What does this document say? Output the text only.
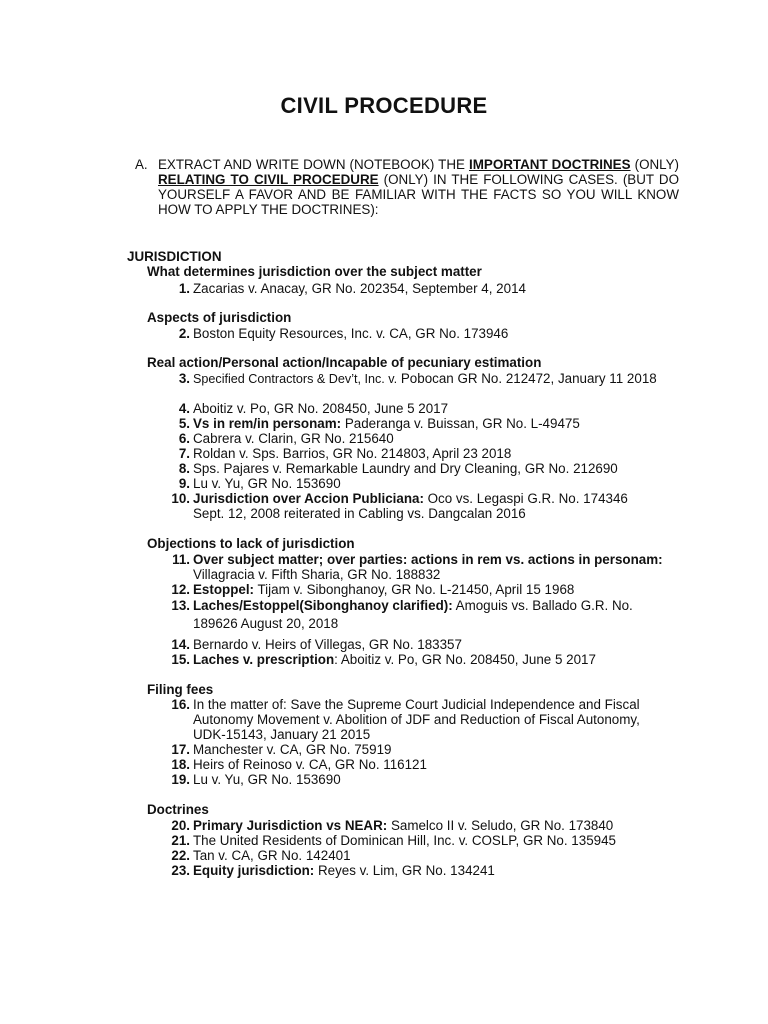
CIVIL PROCEDURE
A. EXTRACT AND WRITE DOWN (NOTEBOOK) THE IMPORTANT DOCTRINES (ONLY) RELATING TO CIVIL PROCEDURE (ONLY) IN THE FOLLOWING CASES. (BUT DO YOURSELF A FAVOR AND BE FAMILIAR WITH THE FACTS SO YOU WILL KNOW HOW TO APPLY THE DOCTRINES):
JURISDICTION
What determines jurisdiction over the subject matter
1. Zacarias v. Anacay, GR No. 202354, September 4, 2014
Aspects of jurisdiction
2. Boston Equity Resources, Inc. v. CA, GR No. 173946
Real action/Personal action/Incapable of pecuniary estimation
3. Specified Contractors & Dev’t, Inc. v. Pobocan GR No. 212472, January 11 2018
4. Aboitiz v. Po, GR No. 208450, June 5 2017
5. Vs in rem/in personam: Paderanga v. Buissan, GR No. L-49475
6. Cabrera v. Clarin, GR No. 215640
7. Roldan v. Sps. Barrios, GR No. 214803, April 23 2018
8. Sps. Pajares v. Remarkable Laundry and Dry Cleaning, GR No. 212690
9. Lu v. Yu, GR No. 153690
10. Jurisdiction over Accion Publiciana: Oco vs. Legaspi G.R. No. 174346 Sept. 12, 2008 reiterated in Cabling vs. Dangcalan 2016
Objections to lack of jurisdiction
11. Over subject matter; over parties: actions in rem vs. actions in personam: Villagracia v. Fifth Sharia, GR No. 188832
12. Estoppel: Tijam v. Sibonghanoy, GR No. L-21450, April 15 1968
13. Laches/Estoppel(Sibonghanoy clarified): Amoguis vs. Ballado G.R. No. 189626 August 20, 2018
14. Bernardo v. Heirs of Villegas, GR No. 183357
15. Laches v. prescription: Aboitiz v. Po, GR No. 208450, June 5 2017
Filing fees
16. In the matter of: Save the Supreme Court Judicial Independence and Fiscal Autonomy Movement v. Abolition of JDF and Reduction of Fiscal Autonomy, UDK-15143, January 21 2015
17. Manchester v. CA, GR No. 75919
18. Heirs of Reinoso v. CA, GR No. 116121
19. Lu v. Yu, GR No. 153690
Doctrines
20. Primary Jurisdiction vs NEAR: Samelco II v. Seludo, GR No. 173840
21. The United Residents of Dominican Hill, Inc. v. COSLP, GR No. 135945
22. Tan v. CA, GR No. 142401
23. Equity jurisdiction: Reyes v. Lim, GR No. 134241
